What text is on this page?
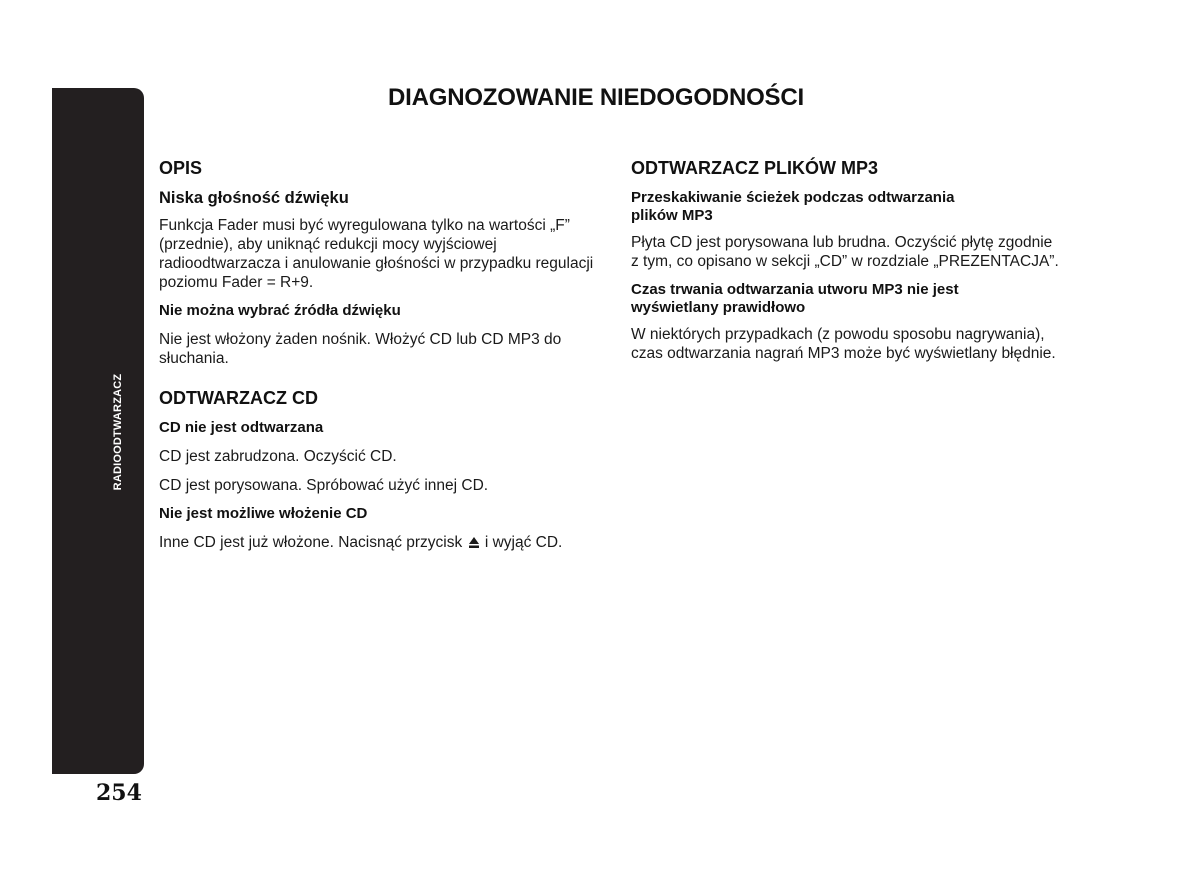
RADIOODTWARZACZ
254
DIAGNOZOWANIE NIEDOGODNOŚCI
OPIS
Niska głośność dźwięku

Funkcja Fader musi być wyregulowana tylko na wartości „F” (przednie), aby uniknąć redukcji mocy wyjściowej radioodtwarzacza i anulowanie głośności w przypadku regulacji poziomu Fader = R+9.

Nie można wybrać źródła dźwięku

Nie jest włożony żaden nośnik. Włożyć CD lub CD MP3 do słuchania.

ODTWARZACZ CD
CD nie jest odtwarzana

CD jest zabrudzona. Oczyścić CD.

CD jest porysowana. Spróbować użyć innej CD.

Nie jest możliwe włożenie CD

Inne CD jest już włożone. Nacisnąć przycisk i wyjąć CD.

ODTWARZACZ PLIKÓW MP3
Przeskakiwanie ścieżek podczas odtwarzania
plików MP3

Płyta CD jest porysowana lub brudna. Oczyścić płytę zgodnie
z tym, co opisano w sekcji „CD” w rozdziale „PREZENTACJA”.

Czas trwania odtwarzania utworu MP3 nie jest
wyświetlany prawidłowo

W niektórych przypadkach (z powodu sposobu nagrywania),
czas odtwarzania nagrań MP3 może być wyświetlany błędnie.
